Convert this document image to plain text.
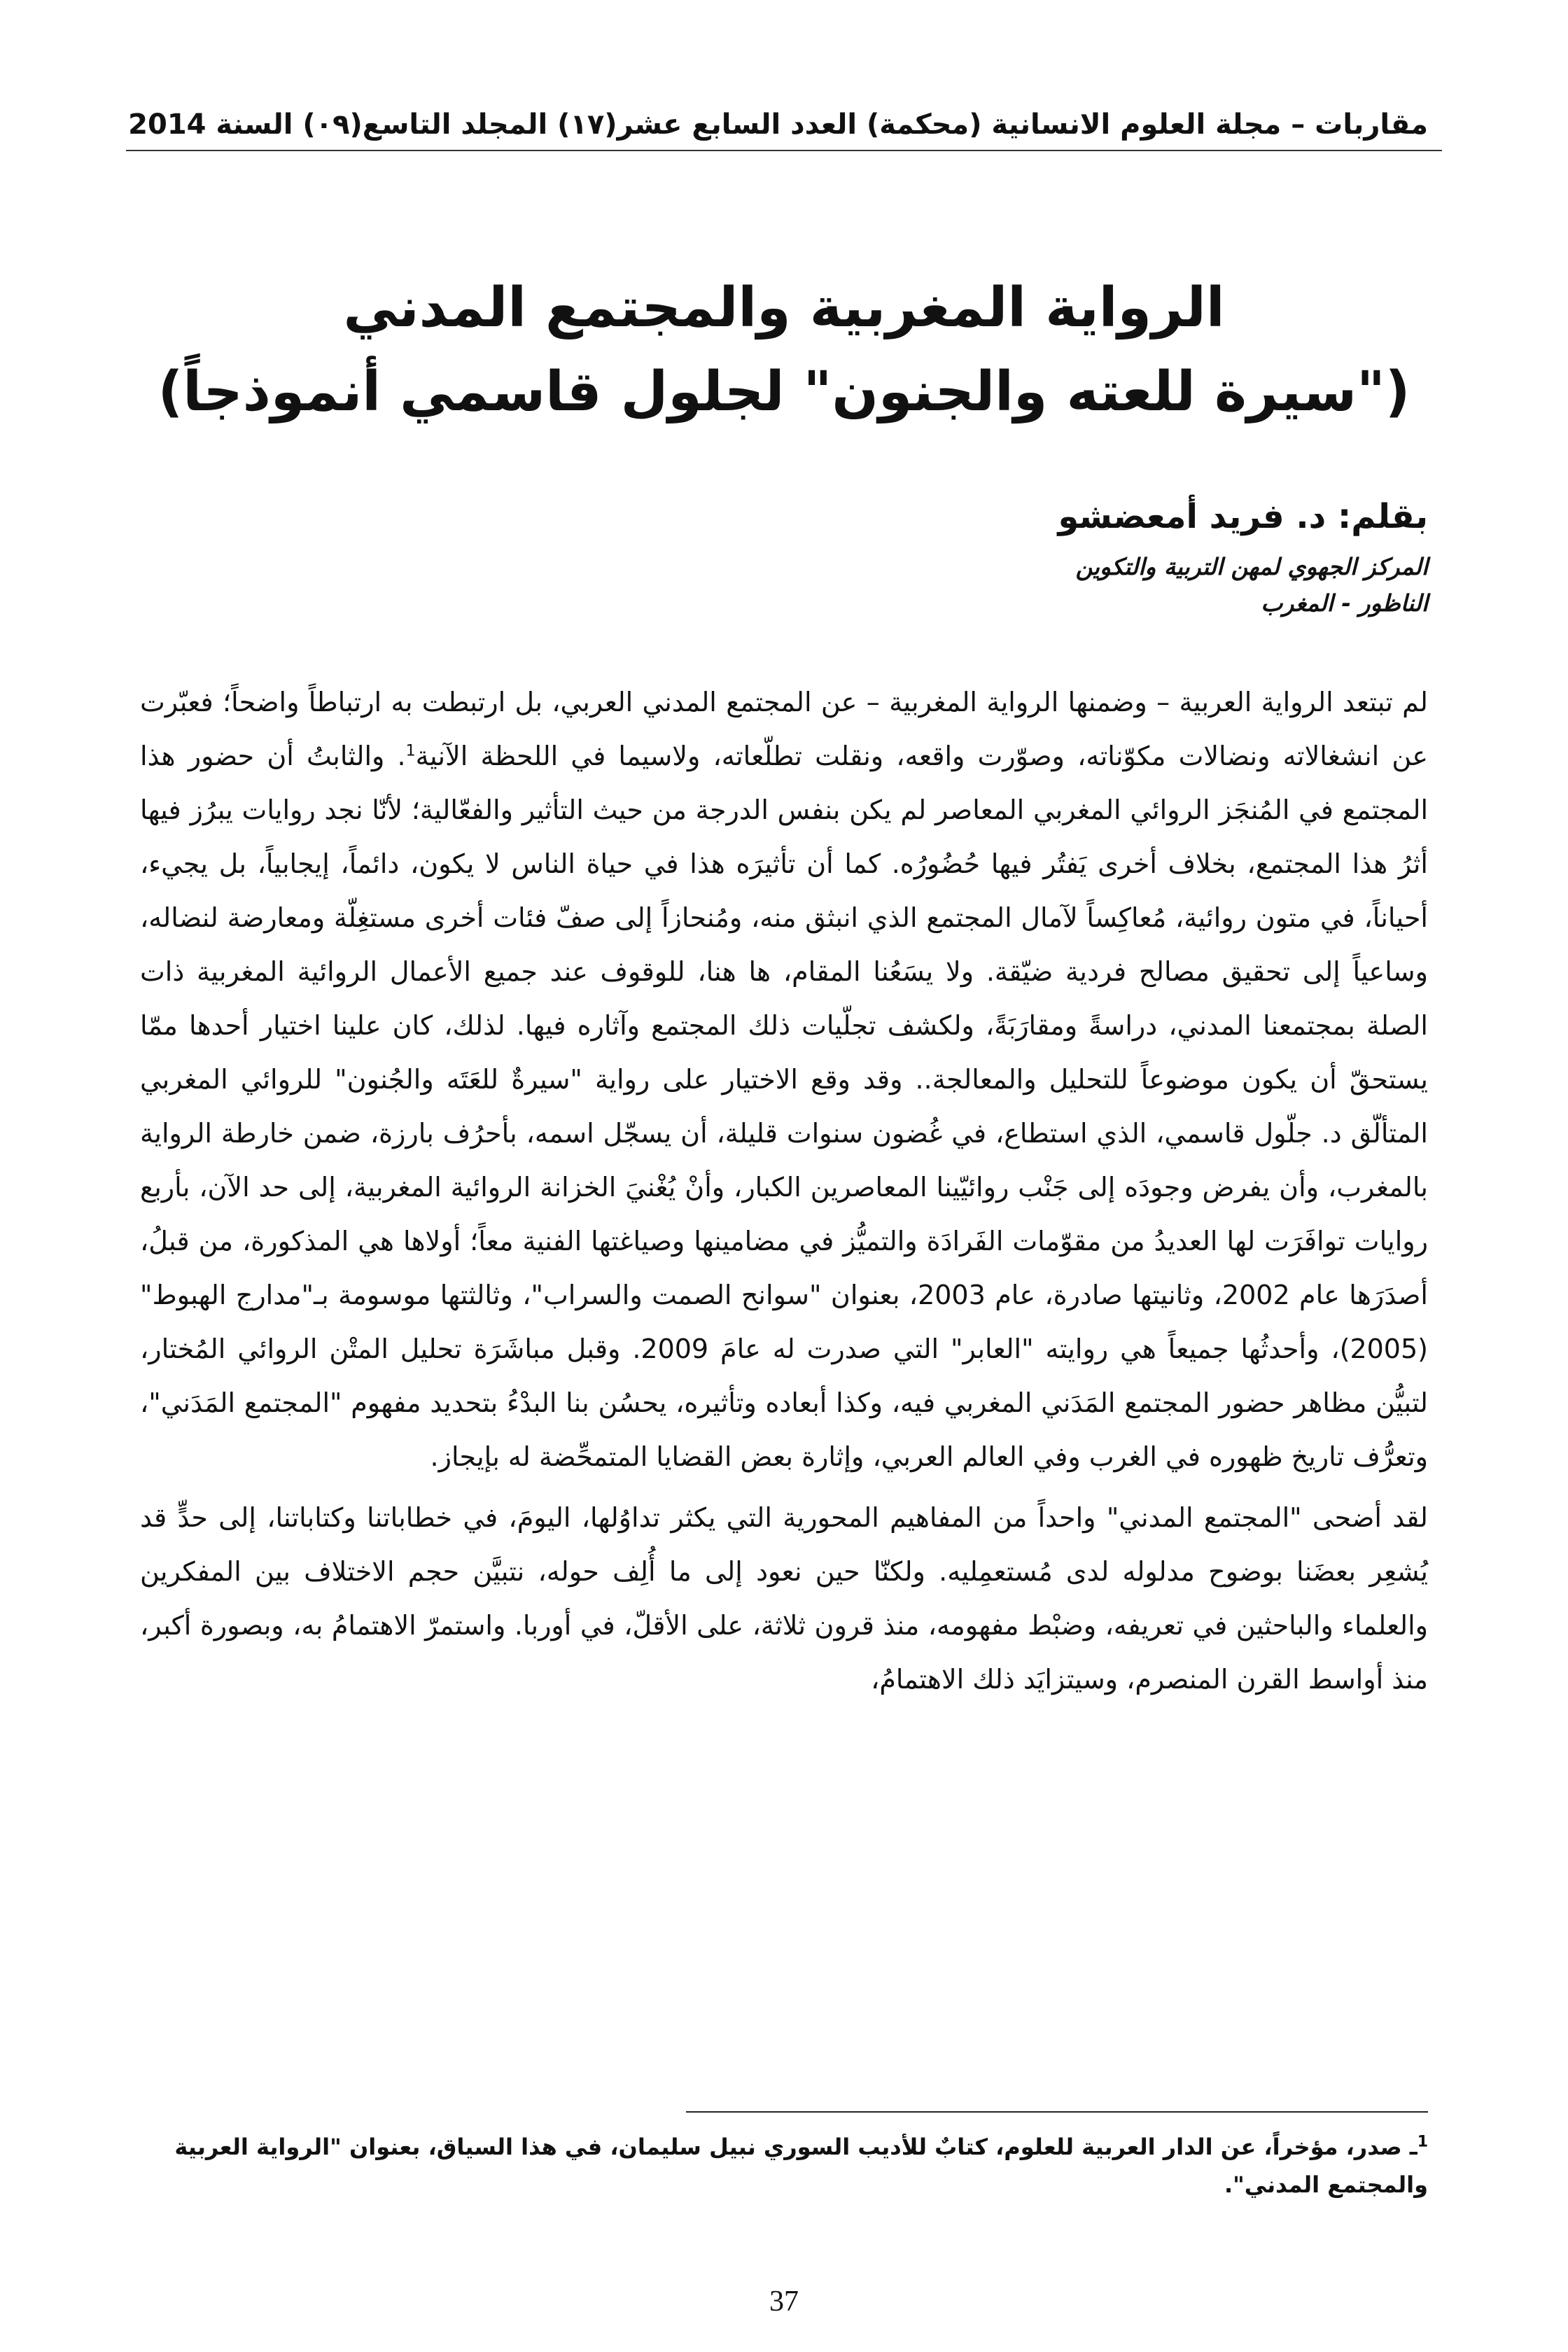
مقاربات – مجلة العلوم الانسانية (محكمة) العدد السابع عشر(١٧) المجلد التاسع(٠٩) السنة 2014

الرواية المغربية والمجتمع المدني

("سيرة للعته والجنون" لجلول قاسمي أنموذجاً)

بقلم: د. فريد أمعضشو

المركز الجهوي لمهن التربية والتكوين

الناظور - المغرب

لم تبتعد الرواية العربية – وضمنها الرواية المغربية – عن المجتمع المدني العربي، بل ارتبطت به ارتباطاً واضحاً؛ فعبّرت عن انشغالاته ونضالات مكوّناته، وصوّرت واقعه، ونقلت تطلّعاته، ولاسيما في اللحظة الآنية$^1$. والثابتُ أن حضور هذا المجتمع في المُنجَز الروائي المغربي المعاصر لم يكن بنفس الدرجة من حيث التأثير والفعّالية؛ لأنّا نجد روايات يبرُز فيها أثرُ هذا المجتمع، بخلاف أخرى يَفتُر فيها حُضُورُه. كما أن تأثيرَه هذا في حياة الناس لا يكون، دائماً، إيجابياً، بل يجيء، أحياناً، في متون روائية، مُعاكِساً لآمال المجتمع الذي انبثق منه، ومُنحازاً إلى صفّ فئات أخرى مستغِلّة ومعارضة لنضاله، وساعياً إلى تحقيق مصالح فردية ضيّقة. ولا يسَعُنا المقام، ها هنا، للوقوف عند جميع الأعمال الروائية المغربية ذات الصلة بمجتمعنا المدني، دراسةً ومقارَبَةً، ولكشف تجلّيات ذلك المجتمع وآثاره فيها. لذلك، كان علينا اختيار أحدها ممّا يستحقّ أن يكون موضوعاً للتحليل والمعالجة.. وقد وقع الاختيار على رواية "سيرةٌ للعَتَه والجُنون" للروائي المغربي المتألّق د. جلّول قاسمي، الذي استطاع، في غُضون سنوات قليلة، أن يسجّل اسمه، بأحرُف بارزة، ضمن خارطة الرواية بالمغرب، وأن يفرض وجودَه إلى جَنْب روائيّينا المعاصرين الكبار، وأنْ يُغْنيَ الخزانة الروائية المغربية، إلى حد الآن، بأربع روايات توافَرَت لها العديدُ من مقوّمات الفَرادَة والتميُّز في مضامينها وصياغتها الفنية معاً؛ أولاها هي المذكورة، من قبلُ، أصدَرَها عام 2002، وثانيتها صادرة، عام 2003، بعنوان "سوانح الصمت والسراب"، وثالثتها موسومة بـ"مدارج الهبوط" (2005)، وأحدثُها جميعاً هي روايته "العابر" التي صدرت له عامَ 2009. وقبل مباشَرَة تحليل المتْن الروائي المُختار، لتبيُّن مظاهر حضور المجتمع المَدَني المغربي فيه، وكذا أبعاده وتأثيره، يحسُن بنا البدْءُ بتحديد مفهوم "المجتمع المَدَني"، وتعرُّف تاريخ ظهوره في الغرب وفي العالم العربي، وإثارة بعض القضايا المتمحِّضة له بإيجاز.

لقد أضحى "المجتمع المدني" واحداً من المفاهيم المحورية التي يكثر تداوُلها، اليومَ، في خطاباتنا وكتاباتنا، إلى حدٍّ قد يُشعِر بعضَنا بوضوح مدلوله لدى مُستعمِليه. ولكنّا حين نعود إلى ما أُلِف حوله، نتبيَّن حجم الاختلاف بين المفكرين والعلماء والباحثين في تعريفه، وضبْط مفهومه، منذ قرون ثلاثة، على الأقلّ، في أوربا. واستمرّ الاهتمامُ به، وبصورة أكبر، منذ أواسط القرن المنصرم، وسيتزايَد ذلك الاهتمامُ،

$^1$ـ صدر، مؤخراً، عن الدار العربية للعلوم، كتابٌ للأديب السوري نبيل سليمان، في هذا السياق، بعنوان "الرواية العربية والمجتمع المدني".
37
